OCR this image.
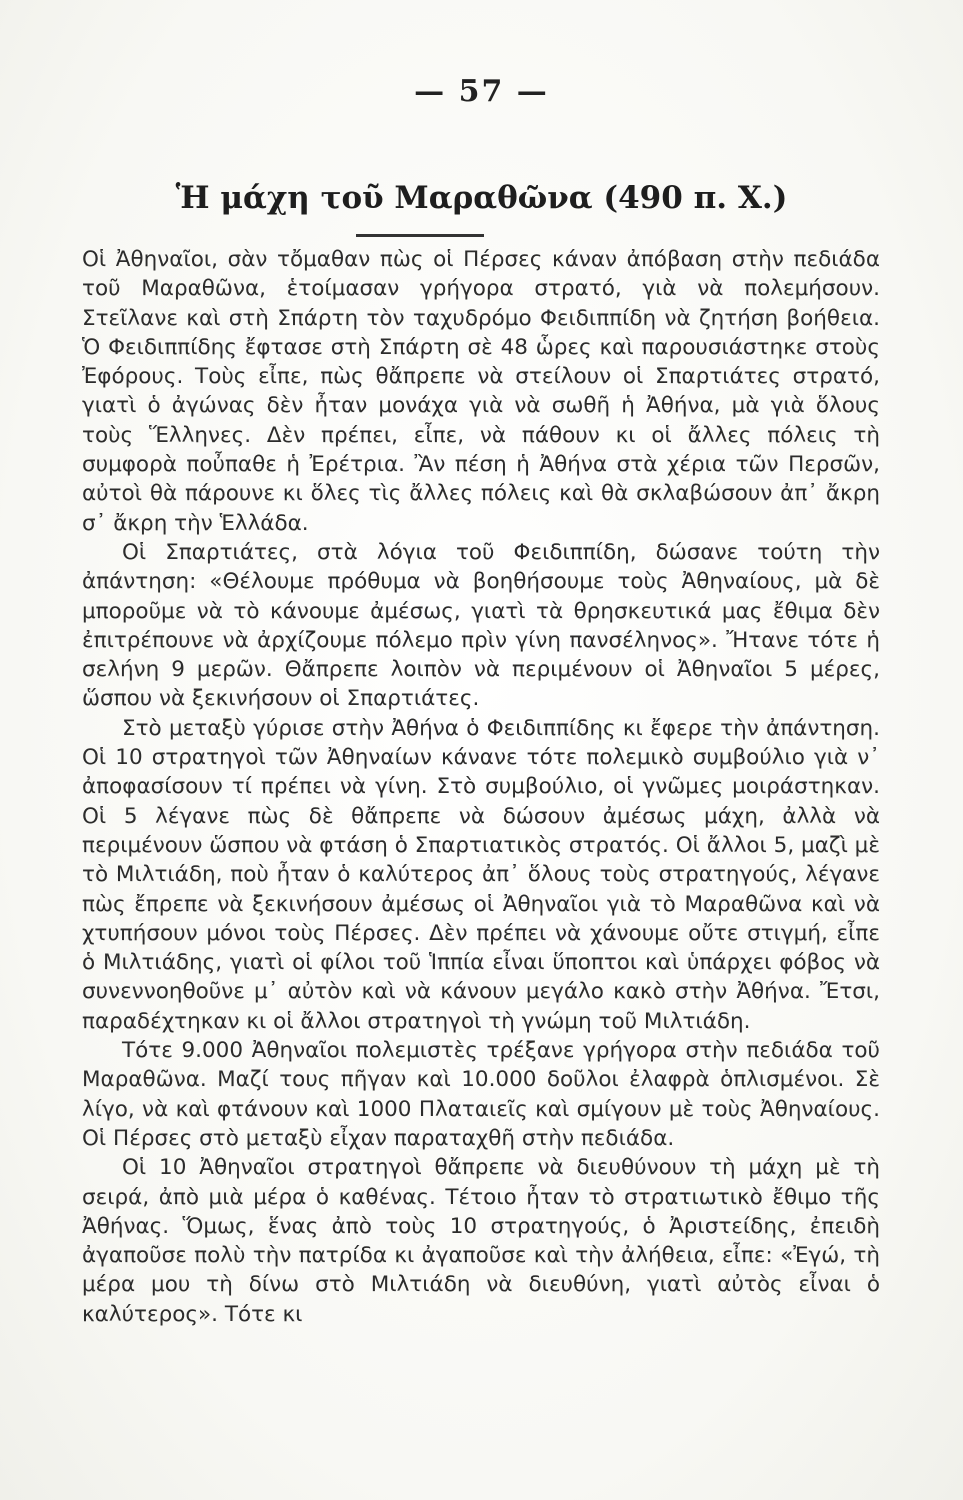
— 57 —
Ἡ μάχη τοῦ Μαραθῶνα (490 π. Χ.)

Οἱ Ἀθηναῖοι, σὰν τὄμαθαν πὼς οἱ Πέρσες κάναν ἀπόβαση στὴν πεδιάδα τοῦ Μαραθῶνα, ἑτοίμασαν γρήγορα στρατό, γιὰ νὰ πολεμήσουν. Στεῖλανε καὶ στὴ Σπάρτη τὸν ταχυδρόμο Φειδιππίδη νὰ ζητήση βοήθεια. Ὁ Φειδιππίδης ἔφτασε στὴ Σπάρτη σὲ 48 ὧρες καὶ παρουσιάστηκε στοὺς Ἐφόρους. Τοὺς εἶπε, πὼς θἄπρεπε νὰ στείλουν οἱ Σπαρτιάτες στρατό, γιατὶ ὁ ἀγώνας δὲν ἦταν μονάχα γιὰ νὰ σωθῆ ἡ Ἀθήνα, μὰ γιὰ ὅλους τοὺς Ἕλληνες. Δὲν πρέπει, εἶπε, νὰ πάθουν κι οἱ ἄλλες πόλεις τὴ συμφορὰ ποὖπαθε ἡ Ἐρέτρια. Ἂν πέση ἡ Ἀθήνα στὰ χέρια τῶν Περσῶν, αὐτοὶ θὰ πάρουνε κι ὅλες τὶς ἄλλες πόλεις καὶ θὰ σκλαβώσουν ἀπ᾽ ἄκρη σ᾽ ἄκρη τὴν Ἑλλάδα.

Οἱ Σπαρτιάτες, στὰ λόγια τοῦ Φειδιππίδη, δώσανε τούτη τὴν ἀπάντηση: «Θέλουμε πρόθυμα νὰ βοηθήσουμε τοὺς Ἀθηναίους, μὰ δὲ μποροῦμε νὰ τὸ κάνουμε ἀμέσως, γιατὶ τὰ θρησκευτικά μας ἔθιμα δὲν ἐπιτρέπουνε νὰ ἀρχίζουμε πόλεμο πρὶν γίνη πανσέληνος». Ἤτανε τότε ἡ σελήνη 9 μερῶν. Θἄπρεπε λοιπὸν νὰ περιμένουν οἱ Ἀθηναῖοι 5 μέρες, ὥσπου νὰ ξεκινήσουν οἱ Σπαρτιάτες.

Στὸ μεταξὺ γύρισε στὴν Ἀθήνα ὁ Φειδιππίδης κι ἔφερε τὴν ἀπάντηση. Οἱ 10 στρατηγοὶ τῶν Ἀθηναίων κάνανε τότε πολεμικὸ συμβούλιο γιὰ ν᾽ ἀποφασίσουν τί πρέπει νὰ γίνη. Στὸ συμβούλιο, οἱ γνῶμες μοιράστηκαν. Οἱ 5 λέγανε πὼς δὲ θἄπρεπε νὰ δώσουν ἀμέσως μάχη, ἀλλὰ νὰ περιμένουν ὥσπου νὰ φτάση ὁ Σπαρτιατικὸς στρατός. Οἱ ἄλλοι 5, μαζὶ μὲ τὸ Μιλτιάδη, ποὺ ἦταν ὁ καλύτερος ἀπ᾽ ὅλους τοὺς στρατηγούς, λέγανε πὼς ἔπρεπε νὰ ξεκινήσουν ἀμέσως οἱ Ἀθηναῖοι γιὰ τὸ Μαραθῶνα καὶ νὰ χτυπήσουν μόνοι τοὺς Πέρσες. Δὲν πρέπει νὰ χάνουμε οὔτε στιγμή, εἶπε ὁ Μιλτιάδης, γιατὶ οἱ φίλοι τοῦ Ἱππία εἶναι ὕποπτοι καὶ ὑπάρχει φόβος νὰ συνεννοηθοῦνε μ᾽ αὐτὸν καὶ νὰ κάνουν μεγάλο κακὸ στὴν Ἀθήνα. Ἔτσι, παραδέχτηκαν κι οἱ ἄλλοι στρατηγοὶ τὴ γνώμη τοῦ Μιλτιάδη.

Τότε 9.000 Ἀθηναῖοι πολεμιστὲς τρέξανε γρήγορα στὴν πεδιάδα τοῦ Μαραθῶνα. Μαζί τους πῆγαν καὶ 10.000 δοῦλοι ἐλαφρὰ ὁπλισμένοι. Σὲ λίγο, νὰ καὶ φτάνουν καὶ 1000 Πλαταιεῖς καὶ σμίγουν μὲ τοὺς Ἀθηναίους. Οἱ Πέρσες στὸ μεταξὺ εἶχαν παραταχθῆ στὴν πεδιάδα.

Οἱ 10 Ἀθηναῖοι στρατηγοὶ θἄπρεπε νὰ διευθύνουν τὴ μάχη μὲ τὴ σειρά, ἀπὸ μιὰ μέρα ὁ καθένας. Τέτοιο ἦταν τὸ στρατιωτικὸ ἔθιμο τῆς Ἀθήνας. Ὅμως, ἕνας ἀπὸ τοὺς 10 στρατηγούς, ὁ Ἀριστείδης, ἐπειδὴ ἀγαποῦσε πολὺ τὴν πατρίδα κι ἀγαποῦσε καὶ τὴν ἀλήθεια, εἶπε: «Ἐγώ, τὴ μέρα μου τὴ δίνω στὸ Μιλτιάδη νὰ διευθύνη, γιατὶ αὐτὸς εἶναι ὁ καλύτερος». Τότε κι
